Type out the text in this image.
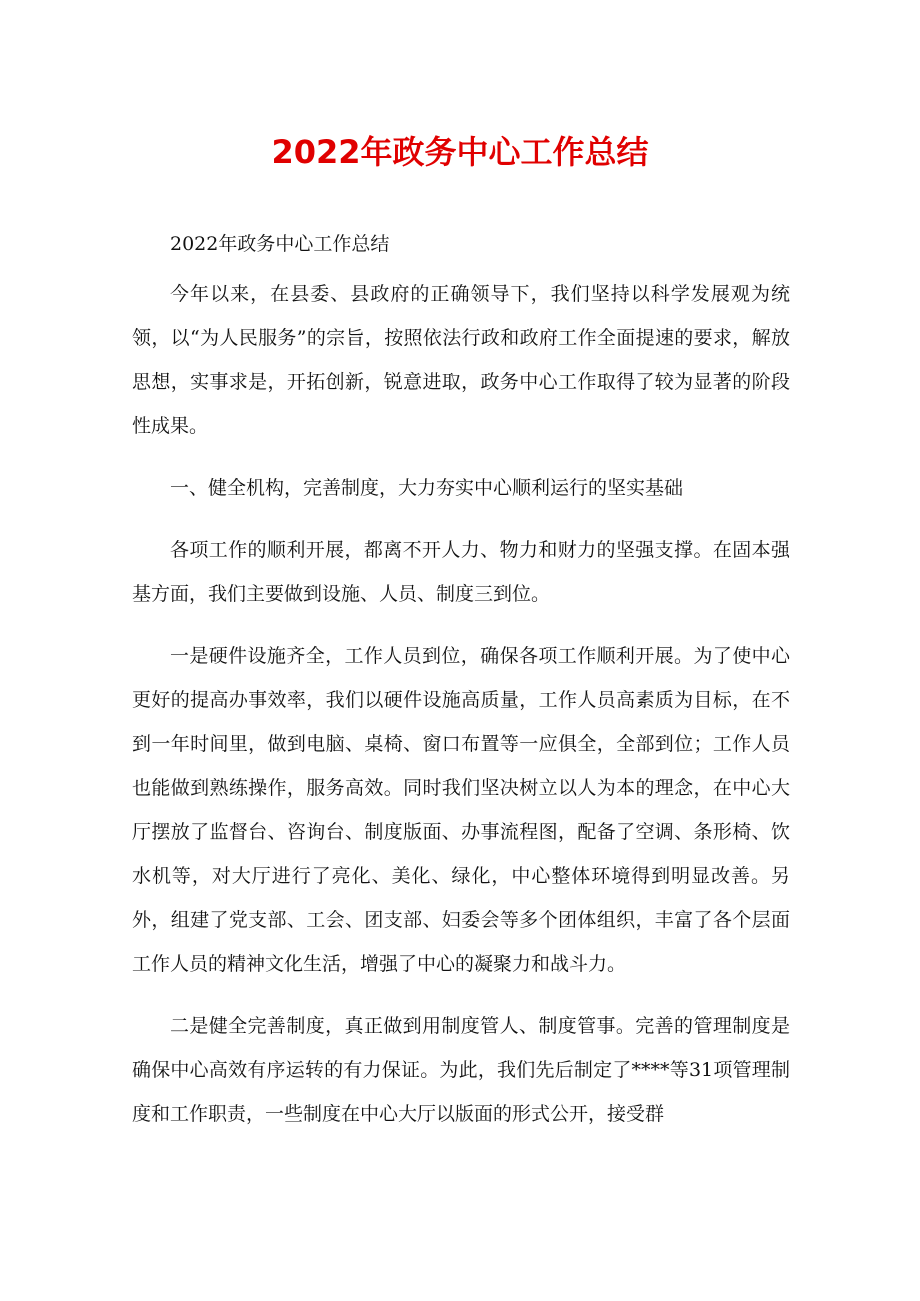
2022年政务中心工作总结

2022年政务中心工作总结

今年以来，在县委、县政府的正确领导下，我们坚持以科学发展观为统领，以“为人民服务”的宗旨，按照依法行政和政府工作全面提速的要求，解放思想，实事求是，开拓创新，锐意进取，政务中心工作取得了较为显著的阶段性成果。

一、健全机构，完善制度，大力夯实中心顺利运行的坚实基础

各项工作的顺利开展，都离不开人力、物力和财力的坚强支撑。在固本强基方面，我们主要做到设施、人员、制度三到位。

一是硬件设施齐全，工作人员到位，确保各项工作顺利开展。为了使中心更好的提高办事效率，我们以硬件设施高质量，工作人员高素质为目标，在不到一年时间里，做到电脑、桌椅、窗口布置等一应俱全，全部到位；工作人员也能做到熟练操作，服务高效。同时我们坚决树立以人为本的理念，在中心大厅摆放了监督台、咨询台、制度版面、办事流程图，配备了空调、条形椅、饮水机等，对大厅进行了亮化、美化、绿化，中心整体环境得到明显改善。另外，组建了党支部、工会、团支部、妇委会等多个团体组织，丰富了各个层面工作人员的精神文化生活，增强了中心的凝聚力和战斗力。

二是健全完善制度，真正做到用制度管人、制度管事。完善的管理制度是确保中心高效有序运转的有力保证。为此，我们先后制定了****等31项管理制度和工作职责，一些制度在中心大厅以版面的形式公开，接受群
